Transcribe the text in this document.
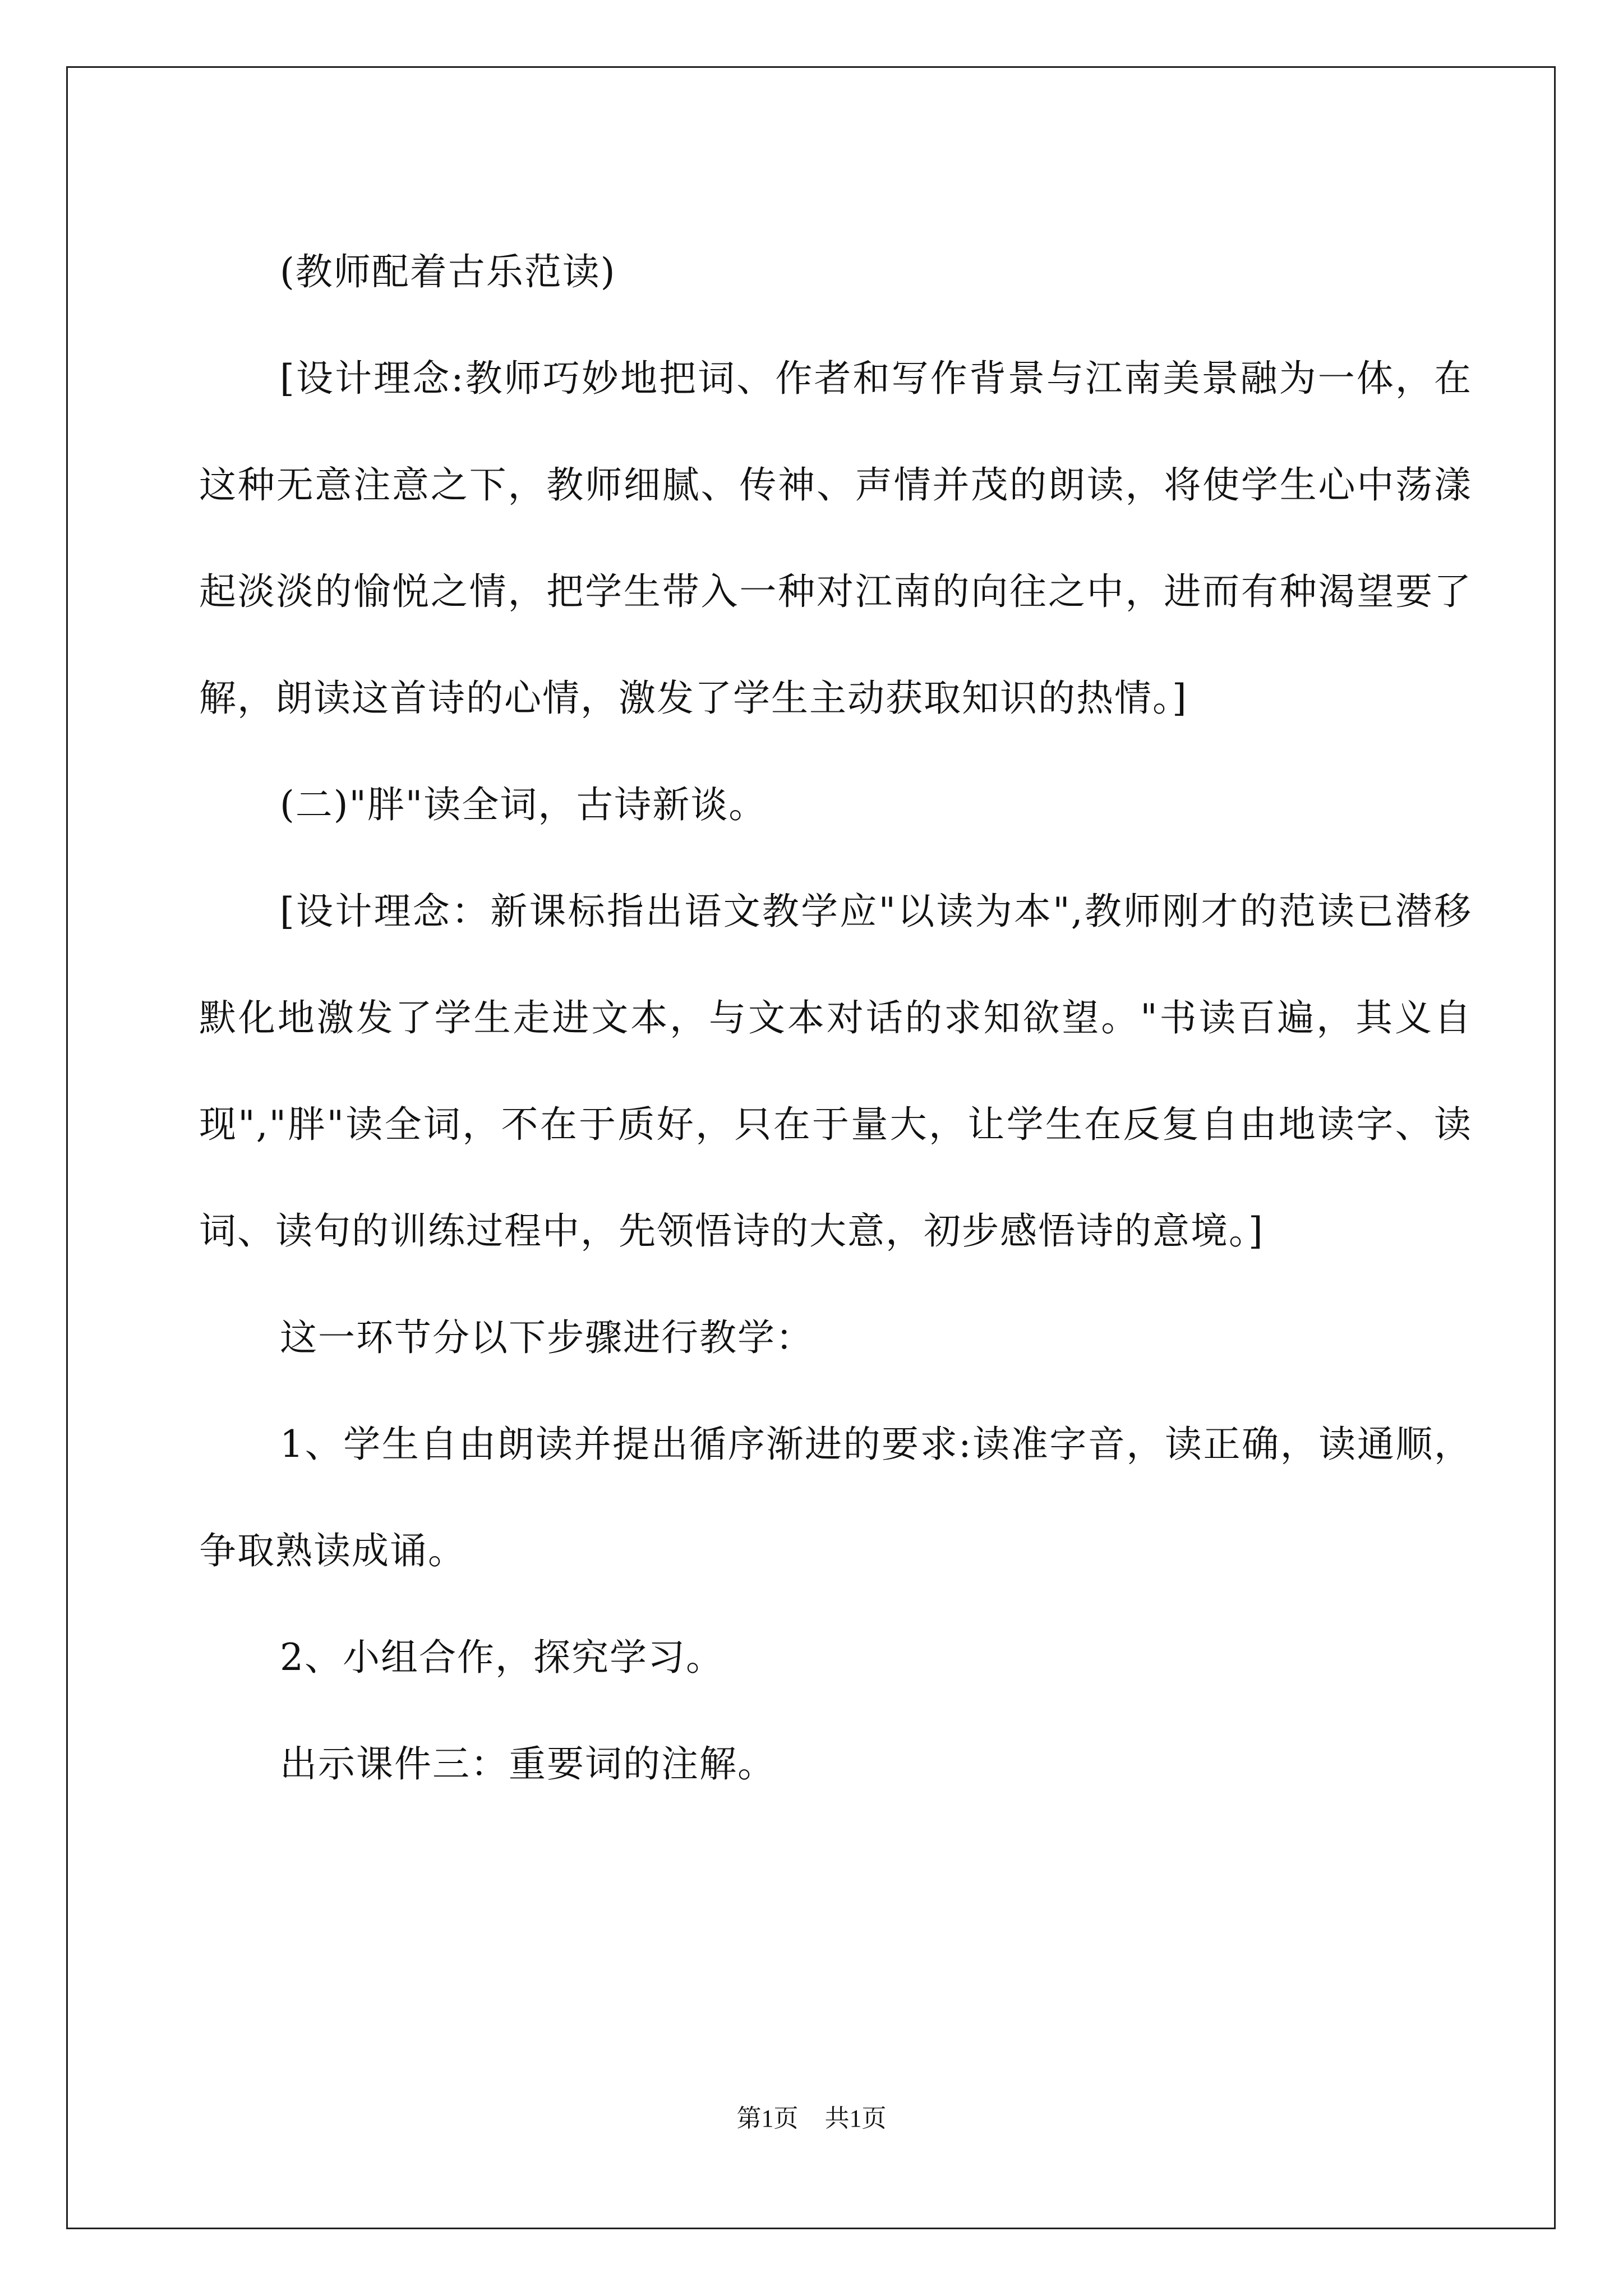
(教师配着古乐范读)

[设计理念:教师巧妙地把词、作者和写作背景与江南美景融为一体，在这种无意注意之下，教师细腻、传神、声情并茂的朗读，将使学生心中荡漾起淡淡的愉悦之情，把学生带入一种对江南的向往之中，进而有种渴望要了解，朗读这首诗的心情，激发了学生主动获取知识的热情。]

(二)"胖"读全词，古诗新谈。

[设计理念：新课标指出语文教学应"以读为本",教师刚才的范读已潜移默化地激发了学生走进文本，与文本对话的求知欲望。"书读百遍，其义自现","胖"读全词，不在于质好，只在于量大，让学生在反复自由地读字、读词、读句的训练过程中，先领悟诗的大意，初步感悟诗的意境。]

这一环节分以下步骤进行教学：

1、学生自由朗读并提出循序渐进的要求:读准字音，读正确，读通顺，争取熟读成诵。

2、小组合作，探究学习。

出示课件三：重要词的注解。

第1页 共1页
